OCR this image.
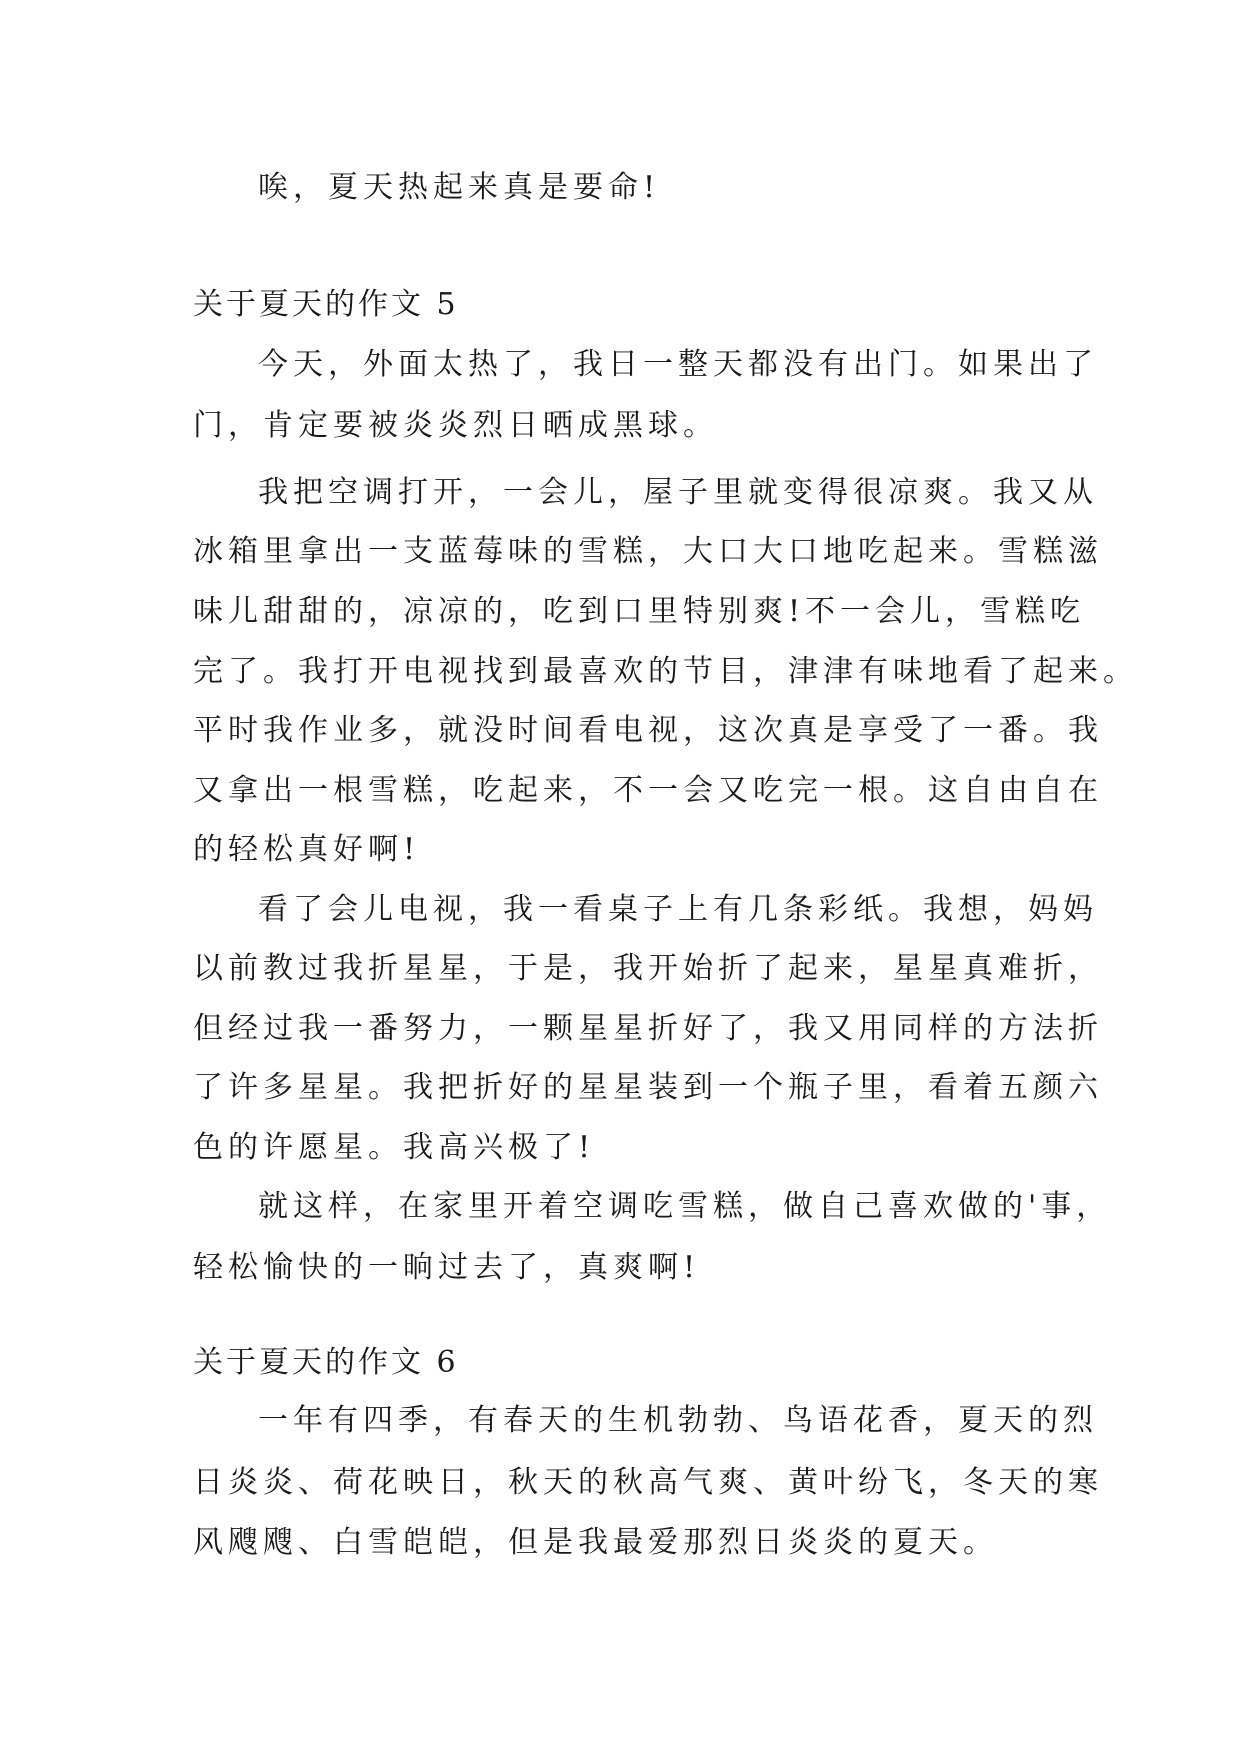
唉，夏天热起来真是要命!
关于夏天的作文 5
今天，外面太热了，我日一整天都没有出门。如果出了
门，肯定要被炎炎烈日晒成黑球。
我把空调打开，一会儿，屋子里就变得很凉爽。我又从
冰箱里拿出一支蓝莓味的雪糕，大口大口地吃起来。雪糕滋
味儿甜甜的，凉凉的，吃到口里特别爽!不一会儿，雪糕吃
完了。我打开电视找到最喜欢的节目，津津有味地看了起来。
平时我作业多，就没时间看电视，这次真是享受了一番。我
又拿出一根雪糕，吃起来，不一会又吃完一根。这自由自在
的轻松真好啊!
看了会儿电视，我一看桌子上有几条彩纸。我想，妈妈
以前教过我折星星，于是，我开始折了起来，星星真难折，
但经过我一番努力，一颗星星折好了，我又用同样的方法折
了许多星星。我把折好的星星装到一个瓶子里，看着五颜六
色的许愿星。我高兴极了!
就这样，在家里开着空调吃雪糕，做自己喜欢做的'事，
轻松愉快的一晌过去了，真爽啊!
关于夏天的作文 6
一年有四季，有春天的生机勃勃、鸟语花香，夏天的烈
日炎炎、荷花映日，秋天的秋高气爽、黄叶纷飞，冬天的寒
风飕飕、白雪皑皑，但是我最爱那烈日炎炎的夏天。
